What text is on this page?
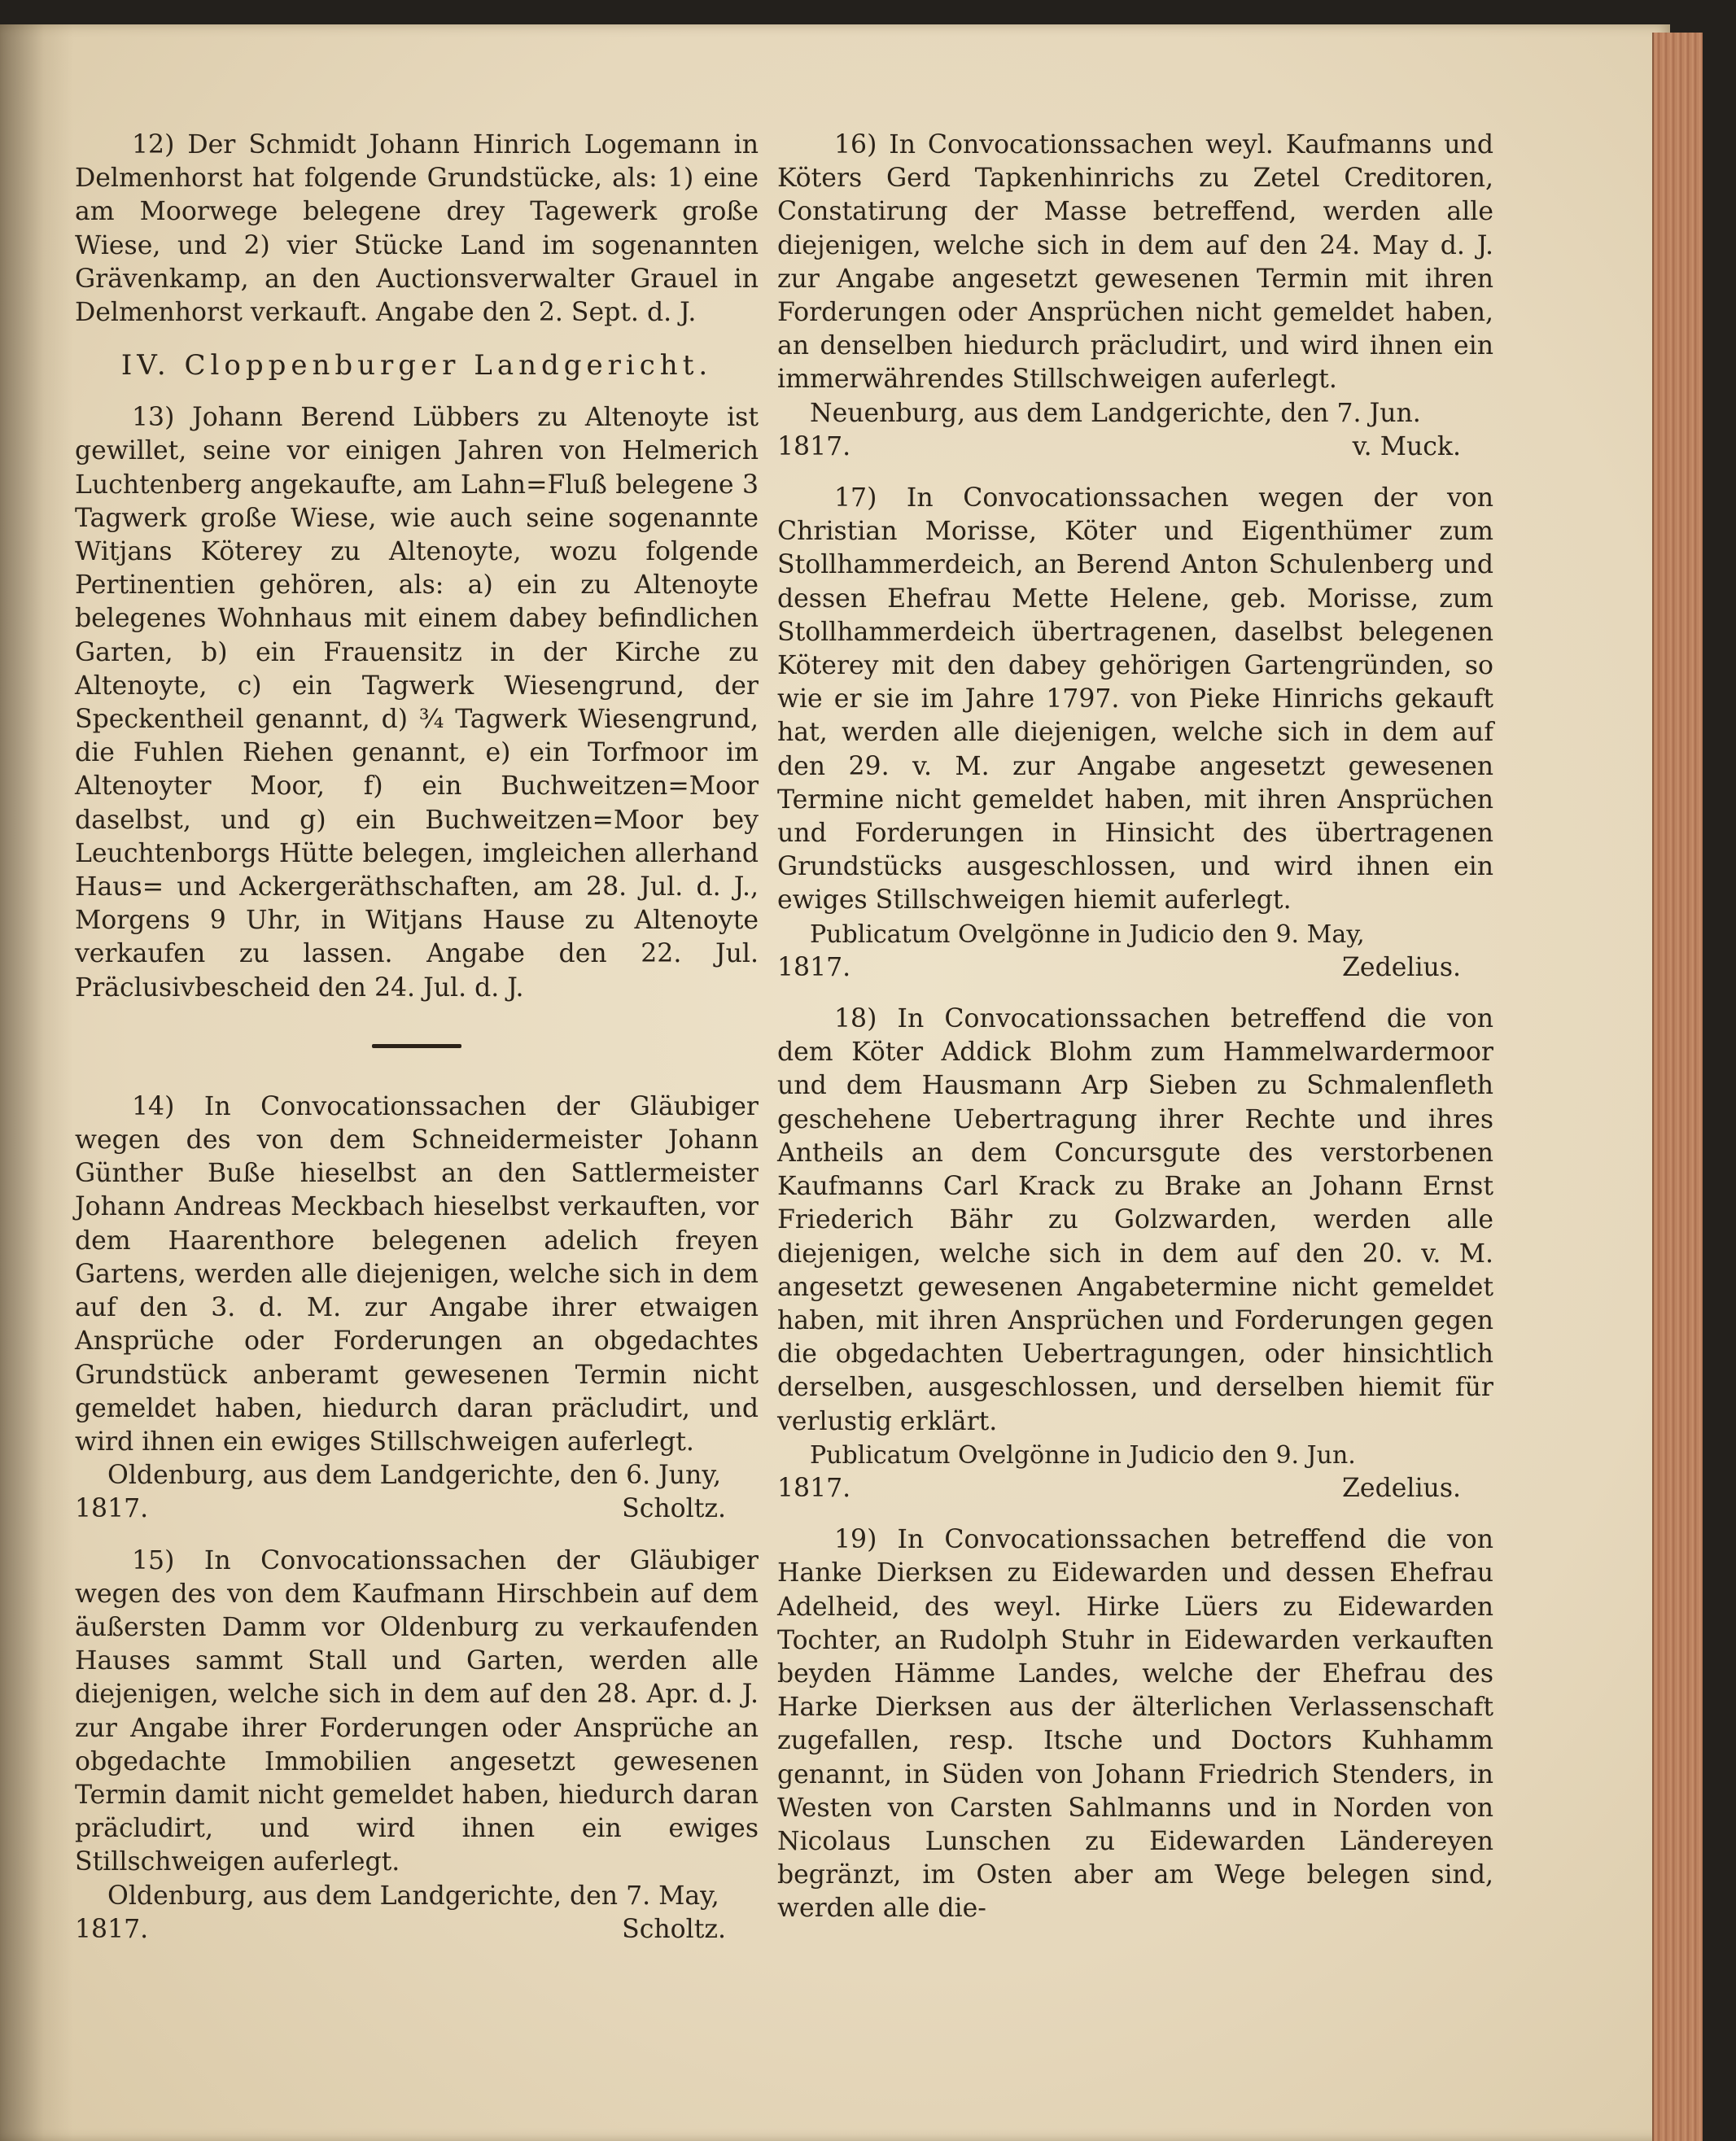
12) Der Schmidt Johann Hinrich Logemann in Delmenhorst hat folgende Grundstücke, als: 1) eine am Moorwege belegene drey Tagewerk große Wiese, und 2) vier Stücke Land im sogenannten Grävenkamp, an den Auctionsverwalter Grauel in Delmenhorst verkauft. Angabe den 2. Sept. d. J.

IV. Cloppenburger Landgericht.

13) Johann Berend Lübbers zu Altenoyte ist gewillet, seine vor einigen Jahren von Helmerich Luchtenberg angekaufte, am Lahn=Fluß belegene 3 Tagwerk große Wiese, wie auch seine sogenannte Witjans Köterey zu Altenoyte, wozu folgende Pertinentien gehören, als: a) ein zu Altenoyte belegenes Wohnhaus mit einem dabey befindlichen Garten, b) ein Frauensitz in der Kirche zu Altenoyte, c) ein Tagwerk Wiesengrund, der Speckentheil genannt, d) ¾ Tagwerk Wiesengrund, die Fuhlen Riehen genannt, e) ein Torfmoor im Altenoyter Moor, f) ein Buchweitzen=Moor daselbst, und g) ein Buchweitzen=Moor bey Leuchtenborgs Hütte belegen, imgleichen allerhand Haus= und Ackergeräthschaften, am 28. Jul. d. J., Morgens 9 Uhr, in Witjans Hause zu Altenoyte verkaufen zu lassen. Angabe den 22. Jul. Präclusivbescheid den 24. Jul. d. J.

14) In Convocationssachen der Gläubiger wegen des von dem Schneidermeister Johann Günther Buße hieselbst an den Sattlermeister Johann Andreas Meckbach hieselbst verkauften, vor dem Haarenthore belegenen adelich freyen Gartens, werden alle diejenigen, welche sich in dem auf den 3. d. M. zur Angabe ihrer etwaigen Ansprüche oder Forderungen an obgedachtes Grundstück anberamt gewesenen Termin nicht gemeldet haben, hiedurch daran präcludirt, und wird ihnen ein ewiges Stillschweigen auferlegt.

Oldenburg, aus dem Landgerichte, den 6. Juny,
1817.	Scholtz.

15) In Convocationssachen der Gläubiger wegen des von dem Kaufmann Hirschbein auf dem äußersten Damm vor Oldenburg zu verkaufenden Hauses sammt Stall und Garten, werden alle diejenigen, welche sich in dem auf den 28. Apr. d. J. zur Angabe ihrer Forderungen oder Ansprüche an obgedachte Immobilien angesetzt gewesenen Termin damit nicht gemeldet haben, hiedurch daran präcludirt, und wird ihnen ein ewiges Stillschweigen auferlegt.

Oldenburg, aus dem Landgerichte, den 7. May,
1817.	Scholtz.

16) In Convocationssachen weyl. Kaufmanns und Köters Gerd Tapkenhinrichs zu Zetel Creditoren, Constatirung der Masse betreffend, werden alle diejenigen, welche sich in dem auf den 24. May d. J. zur Angabe angesetzt gewesenen Termin mit ihren Forderungen oder Ansprüchen nicht gemeldet haben, an denselben hiedurch präcludirt, und wird ihnen ein immerwährendes Stillschweigen auferlegt.

Neuenburg, aus dem Landgerichte, den 7. Jun.
1817.	v. Muck.

17) In Convocationssachen wegen der von Christian Morisse, Köter und Eigenthümer zum Stollhammerdeich, an Berend Anton Schulenberg und dessen Ehefrau Mette Helene, geb. Morisse, zum Stollhammerdeich übertragenen, daselbst belegenen Köterey mit den dabey gehörigen Gartengründen, so wie er sie im Jahre 1797. von Pieke Hinrichs gekauft hat, werden alle diejenigen, welche sich in dem auf den 29. v. M. zur Angabe angesetzt gewesenen Termine nicht gemeldet haben, mit ihren Ansprüchen und Forderungen in Hinsicht des übertragenen Grundstücks ausgeschlossen, und wird ihnen ein ewiges Stillschweigen hiemit auferlegt.

Publicatum Ovelgönne in Judicio den 9. May,
1817.	Zedelius.

18) In Convocationssachen betreffend die von dem Köter Addick Blohm zum Hammelwardermoor und dem Hausmann Arp Sieben zu Schmalenfleth geschehene Uebertragung ihrer Rechte und ihres Antheils an dem Concursgute des verstorbenen Kaufmanns Carl Krack zu Brake an Johann Ernst Friederich Bähr zu Golzwarden, werden alle diejenigen, welche sich in dem auf den 20. v. M. angesetzt gewesenen Angabetermine nicht gemeldet haben, mit ihren Ansprüchen und Forderungen gegen die obgedachten Uebertragungen, oder hinsichtlich derselben, ausgeschlossen, und derselben hiemit für verlustig erklärt.

Publicatum Ovelgönne in Judicio den 9. Jun.
1817.	Zedelius.

19) In Convocationssachen betreffend die von Hanke Dierksen zu Eidewarden und dessen Ehefrau Adelheid, des weyl. Hirke Lüers zu Eidewarden Tochter, an Rudolph Stuhr in Eidewarden verkauften beyden Hämme Landes, welche der Ehefrau des Harke Dierksen aus der älterlichen Verlassenschaft zugefallen, resp. Itsche und Doctors Kuhhamm genannt, in Süden von Johann Friedrich Stenders, in Westen von Carsten Sahlmanns und in Norden von Nicolaus Lunschen zu Eidewarden Ländereyen begränzt, im Osten aber am Wege belegen sind, werden alle die-
